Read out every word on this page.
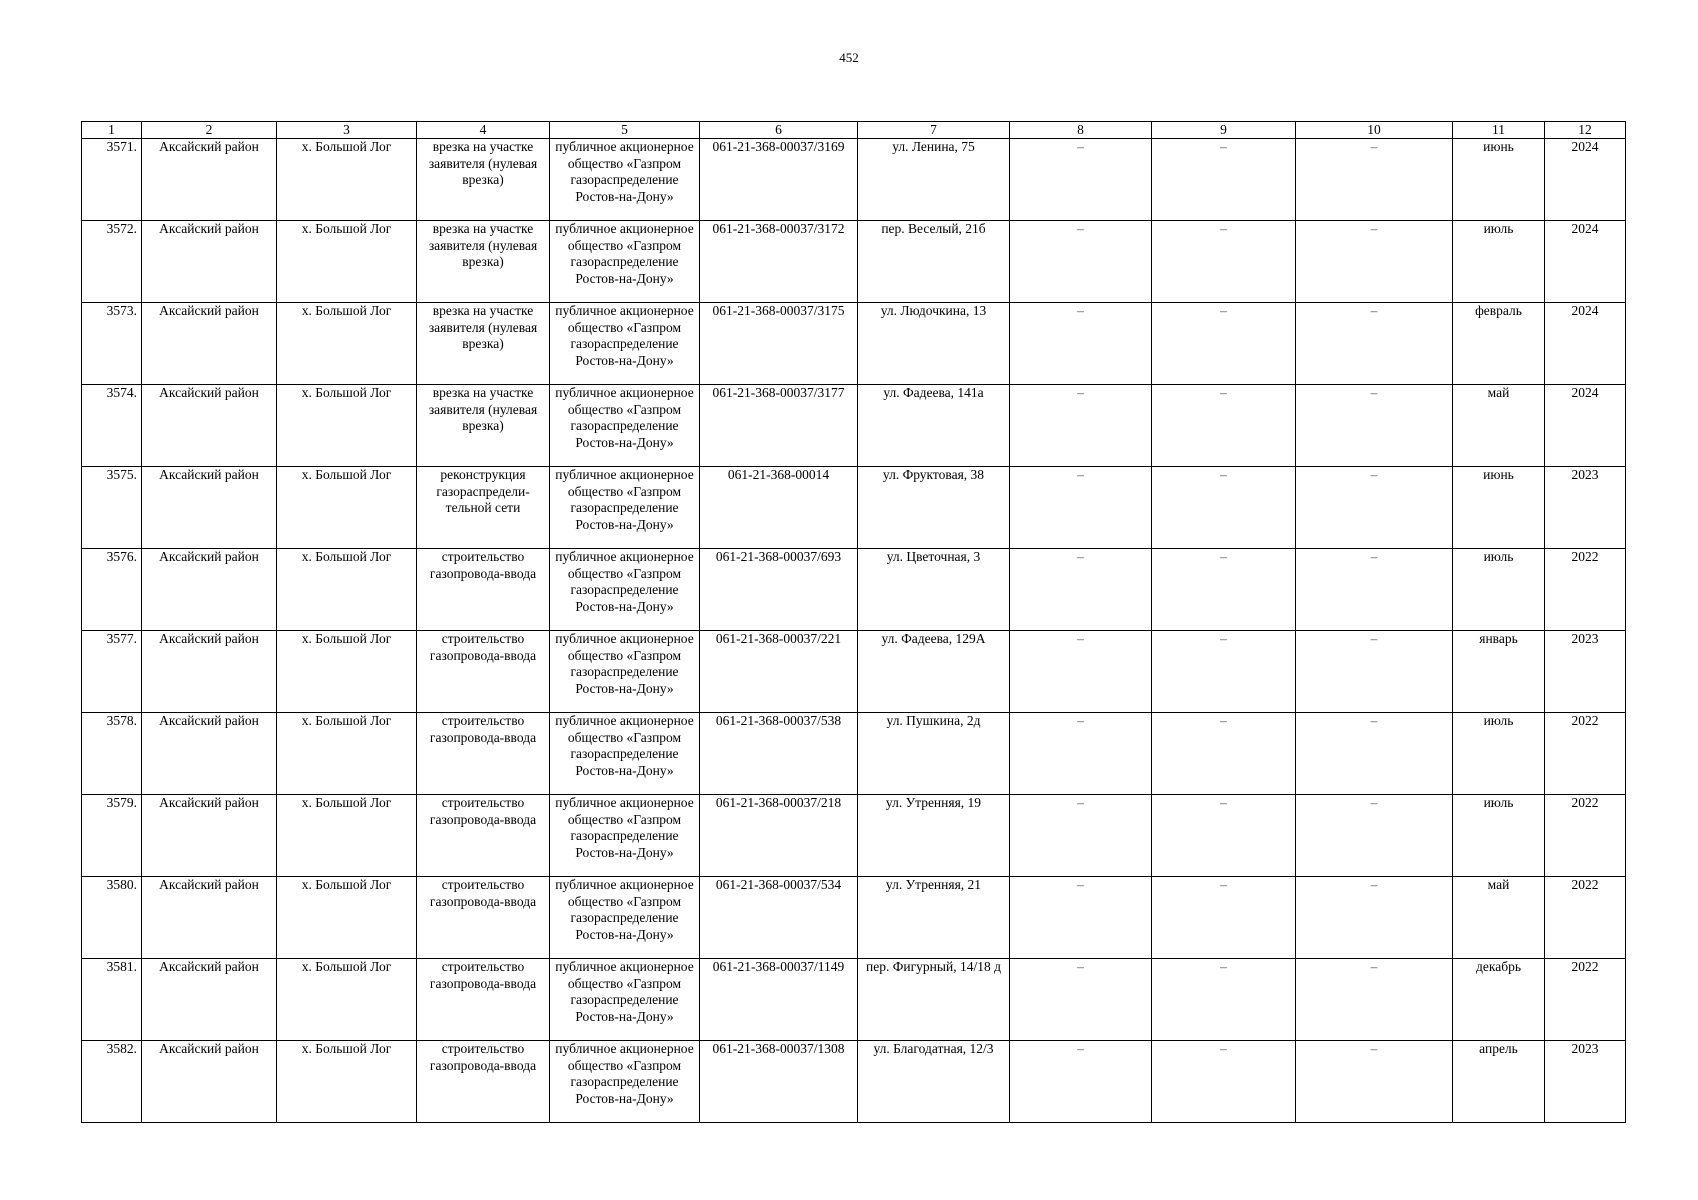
452
1	2	3	4	5	6	7	8	9	10	11	12
3571.	Аксайский район	х. Большой Лог	врезка на участке заявителя (нулевая врезка)	публичное акционерное общество «Газпром газораспределение Ростов-на-Дону»	061-21-368-00037/3169	ул. Ленина, 75	–	–	–	июнь	2024
3572.	Аксайский район	х. Большой Лог	врезка на участке заявителя (нулевая врезка)	публичное акционерное общество «Газпром газораспределение Ростов-на-Дону»	061-21-368-00037/3172	пер. Веселый, 21б	–	–	–	июль	2024
3573.	Аксайский район	х. Большой Лог	врезка на участке заявителя (нулевая врезка)	публичное акционерное общество «Газпром газораспределение Ростов-на-Дону»	061-21-368-00037/3175	ул. Людочкина, 13	–	–	–	февраль	2024
3574.	Аксайский район	х. Большой Лог	врезка на участке заявителя (нулевая врезка)	публичное акционерное общество «Газпром газораспределение Ростов-на-Дону»	061-21-368-00037/3177	ул. Фадеева, 141а	–	–	–	май	2024
3575.	Аксайский район	х. Большой Лог	реконструкция газораспредели-тельной сети	публичное акционерное общество «Газпром газораспределение Ростов-на-Дону»	061-21-368-00014	ул. Фруктовая, 38	–	–	–	июнь	2023
3576.	Аксайский район	х. Большой Лог	строительство газопровода-ввода	публичное акционерное общество «Газпром газораспределение Ростов-на-Дону»	061-21-368-00037/693	ул. Цветочная, 3	–	–	–	июль	2022
3577.	Аксайский район	х. Большой Лог	строительство газопровода-ввода	публичное акционерное общество «Газпром газораспределение Ростов-на-Дону»	061-21-368-00037/221	ул. Фадеева, 129А	–	–	–	январь	2023
3578.	Аксайский район	х. Большой Лог	строительство газопровода-ввода	публичное акционерное общество «Газпром газораспределение Ростов-на-Дону»	061-21-368-00037/538	ул. Пушкина, 2д	–	–	–	июль	2022
3579.	Аксайский район	х. Большой Лог	строительство газопровода-ввода	публичное акционерное общество «Газпром газораспределение Ростов-на-Дону»	061-21-368-00037/218	ул. Утренняя, 19	–	–	–	июль	2022
3580.	Аксайский район	х. Большой Лог	строительство газопровода-ввода	публичное акционерное общество «Газпром газораспределение Ростов-на-Дону»	061-21-368-00037/534	ул. Утренняя, 21	–	–	–	май	2022
3581.	Аксайский район	х. Большой Лог	строительство газопровода-ввода	публичное акционерное общество «Газпром газораспределение Ростов-на-Дону»	061-21-368-00037/1149	пер. Фигурный, 14/18 д	–	–	–	декабрь	2022
3582.	Аксайский район	х. Большой Лог	строительство газопровода-ввода	публичное акционерное общество «Газпром газораспределение Ростов-на-Дону»	061-21-368-00037/1308	ул. Благодатная, 12/3	–	–	–	апрель	2023
